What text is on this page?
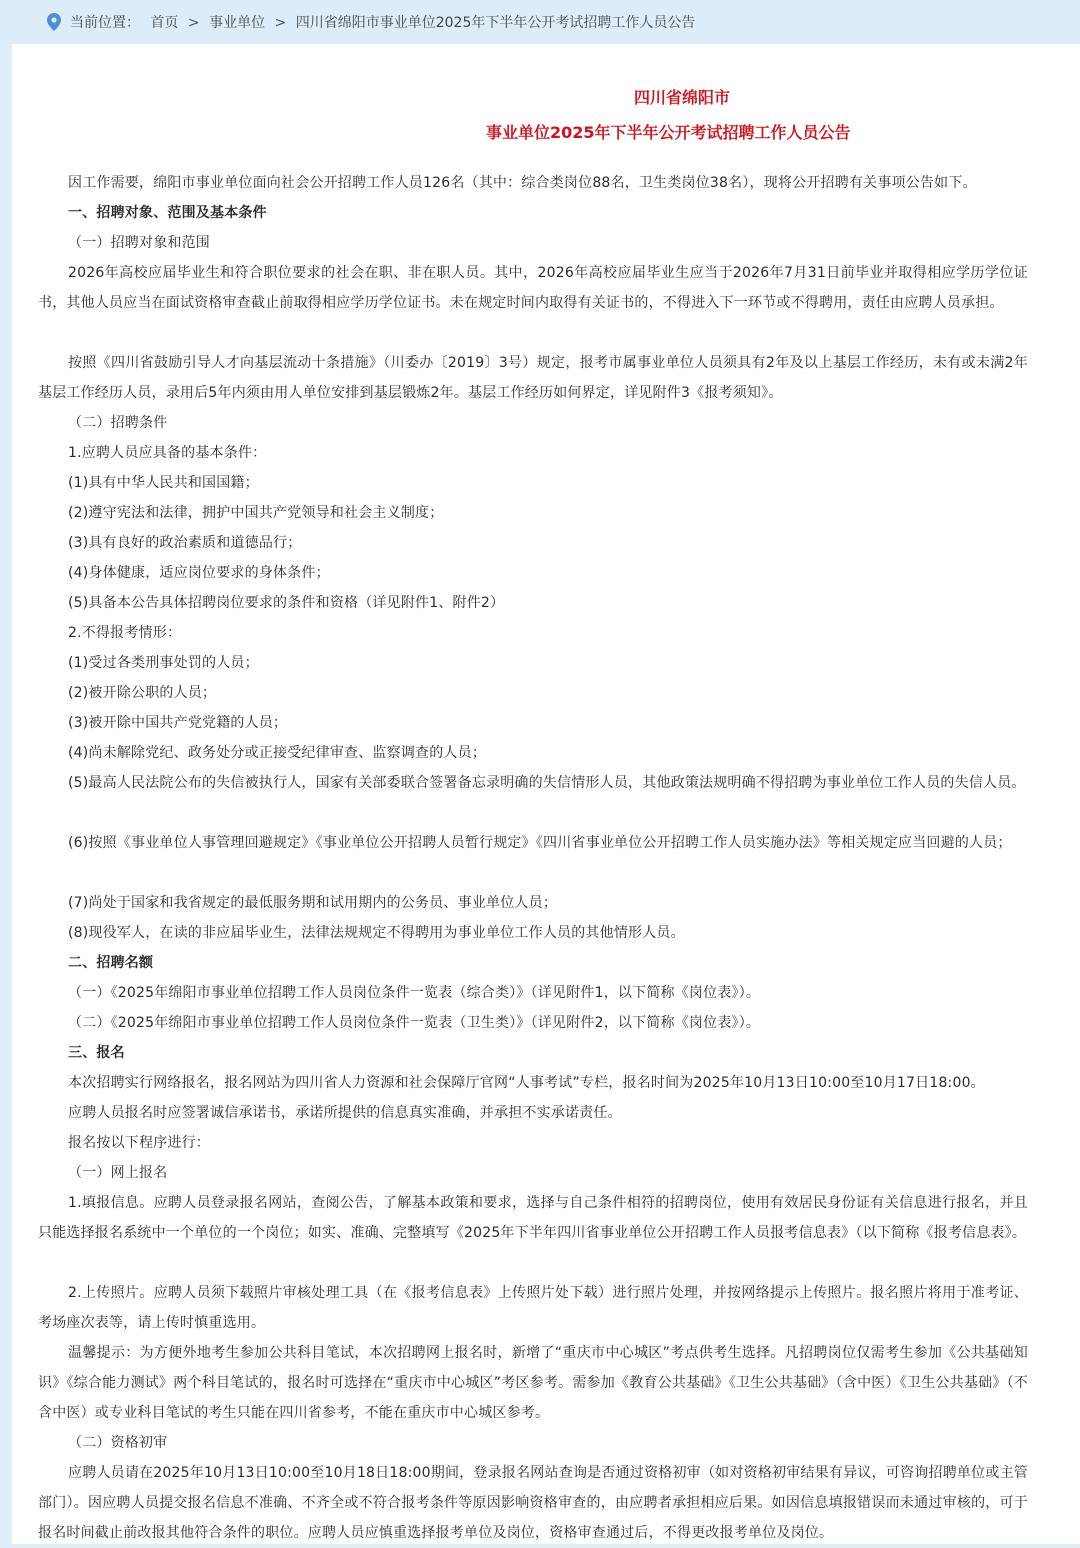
当前位置： 首页 > 事业单位 > 四川省绵阳市事业单位2025年下半年公开考试招聘工作人员公告
四川省绵阳市
事业单位2025年下半年公开考试招聘工作人员公告

因工作需要，绵阳市事业单位面向社会公开招聘工作人员126名（其中：综合类岗位88名，卫生类岗位38名），现将公开招聘有关事项公告如下。

一、招聘对象、范围及基本条件

（一）招聘对象和范围

2026年高校应届毕业生和符合职位要求的社会在职、非在职人员。其中，2026年高校应届毕业生应当于2026年7月31日前毕业并取得相应学历学位证书，其他人员应当在面试资格审查截止前取得相应学历学位证书。未在规定时间内取得有关证书的，不得进入下一环节或不得聘用，责任由应聘人员承担。

按照《四川省鼓励引导人才向基层流动十条措施》（川委办〔2019〕3号）规定，报考市属事业单位人员须具有2年及以上基层工作经历，未有或未满2年基层工作经历人员，录用后5年内须由用人单位安排到基层锻炼2年。基层工作经历如何界定，详见附件3《报考须知》。

（二）招聘条件

1.应聘人员应具备的基本条件：

(1)具有中华人民共和国国籍；

(2)遵守宪法和法律，拥护中国共产党领导和社会主义制度；

(3)具有良好的政治素质和道德品行；

(4)身体健康，适应岗位要求的身体条件；

(5)具备本公告具体招聘岗位要求的条件和资格（详见附件1、附件2）

2.不得报考情形：

(1)受过各类刑事处罚的人员；

(2)被开除公职的人员；

(3)被开除中国共产党党籍的人员；

(4)尚未解除党纪、政务处分或正接受纪律审查、监察调查的人员；

(5)最高人民法院公布的失信被执行人，国家有关部委联合签署备忘录明确的失信情形人员，其他政策法规明确不得招聘为事业单位工作人员的失信人员。

(6)按照《事业单位人事管理回避规定》《事业单位公开招聘人员暂行规定》《四川省事业单位公开招聘工作人员实施办法》等相关规定应当回避的人员；

(7)尚处于国家和我省规定的最低服务期和试用期内的公务员、事业单位人员；

(8)现役军人，在读的非应届毕业生，法律法规规定不得聘用为事业单位工作人员的其他情形人员。

二、招聘名额

（一）《2025年绵阳市事业单位招聘工作人员岗位条件一览表（综合类）》（详见附件1，以下简称《岗位表》）。

（二）《2025年绵阳市事业单位招聘工作人员岗位条件一览表（卫生类）》（详见附件2，以下简称《岗位表》）。

三、报名

本次招聘实行网络报名，报名网站为四川省人力资源和社会保障厅官网“人事考试”专栏，报名时间为2025年10月13日10:00至10月17日18:00。

应聘人员报名时应签署诚信承诺书，承诺所提供的信息真实准确，并承担不实承诺责任。

报名按以下程序进行：

（一）网上报名

1.填报信息。应聘人员登录报名网站，查阅公告，了解基本政策和要求，选择与自己条件相符的招聘岗位，使用有效居民身份证有关信息进行报名，并且只能选择报名系统中一个单位的一个岗位；如实、准确、完整填写《2025年下半年四川省事业单位公开招聘工作人员报考信息表》（以下简称《报考信息表》。

2.上传照片。应聘人员须下载照片审核处理工具（在《报考信息表》上传照片处下载）进行照片处理，并按网络提示上传照片。报名照片将用于准考证、考场座次表等，请上传时慎重选用。

温馨提示：为方便外地考生参加公共科目笔试，本次招聘网上报名时，新增了“重庆市中心城区”考点供考生选择。凡招聘岗位仅需考生参加《公共基础知识》《综合能力测试》两个科目笔试的，报名时可选择在“重庆市中心城区”考区参考。需参加《教育公共基础》《卫生公共基础》（含中医）《卫生公共基础》（不含中医）或专业科目笔试的考生只能在四川省参考，不能在重庆市中心城区参考。

（二）资格初审

应聘人员请在2025年10月13日10:00至10月18日18:00期间，登录报名网站查询是否通过资格初审（如对资格初审结果有异议，可咨询招聘单位或主管部门）。因应聘人员提交报名信息不准确、不齐全或不符合报考条件等原因影响资格审查的，由应聘者承担相应后果。如因信息填报错误而未通过审核的，可于报名时间截止前改报其他符合条件的职位。应聘人员应慎重选择报考单位及岗位，资格审查通过后，不得更改报考单位及岗位。
